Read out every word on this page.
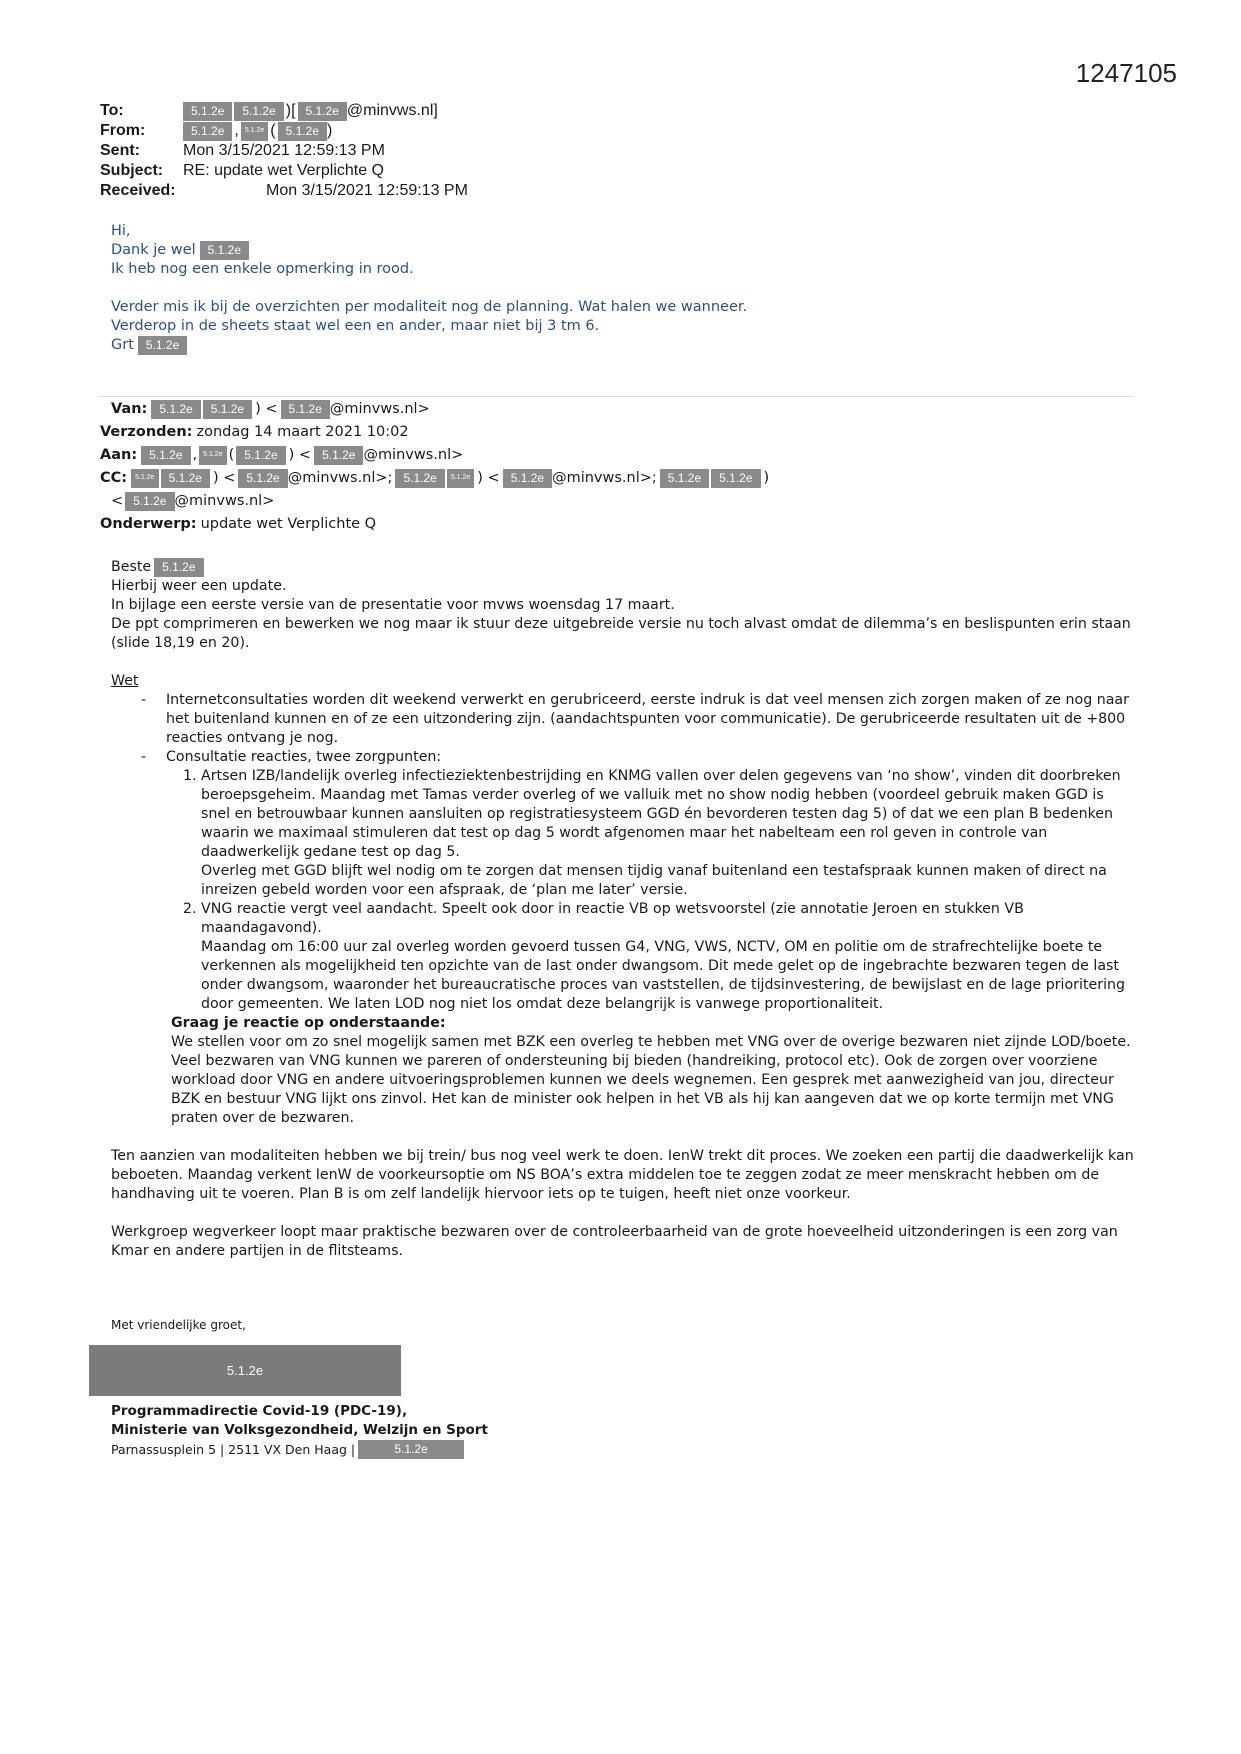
1247105
To:	5.1.2e	5.1.2e )[ 5.1.2e @minvws.nl]
From:	5.1.2e , 5.1.2e ( 5.1.2e )
Sent:	Mon 3/15/2021 12:59:13 PM
Subject:	RE: update wet Verplichte Q
Received:	Mon 3/15/2021 12:59:13 PM
Hi,
Dank je wel	5.1.2e
Ik heb nog een enkele opmerking in rood.
Verder mis ik bij de overzichten per modaliteit nog de planning. Wat halen we wanneer.
Verderop in de sheets staat wel een en ander, maar niet bij 3 tm 6.
Grt	5.1.2e
Van:	5.1.2e	5.1.2e ) < 5.1.2e @minvws.nl>
Verzonden: zondag 14 maart 2021 10:02
Aan:	5.1.2e , 5.1.2e ( 5.1.2e ) < 5.1.2e @minvws.nl>
CC:	5.1.2e	5.1.2e ) < 5.1.2e @minvws.nl>; 5.1.2e	5.1.2e ) < 5.1.2e @minvws.nl>; 5.1.2e	5.1.2e )
< 5.1.2e @minvws.nl>
Onderwerp: update wet Verplichte Q

Beste 5.1.2e

Hierbij weer een update.

In bijlage een eerste versie van de presentatie voor mvws woensdag 17 maart.

De ppt comprimeren en bewerken we nog maar ik stuur deze uitgebreide versie nu toch alvast omdat de dilemma’s en beslispunten erin staan (slide 18,19 en 20).

Wet

- Internetconsultaties worden dit weekend verwerkt en gerubriceerd, eerste indruk is dat veel mensen zich zorgen maken of ze nog naar het buitenland kunnen en of ze een uitzondering zijn. (aandachtspunten voor communicatie). De gerubriceerde resultaten uit de +800 reacties ontvang je nog.
- Consultatie reacties, twee zorgpunten:

1. Artsen IZB/landelijk overleg infectieziektenbestrijding en KNMG vallen over delen gegevens van ‘no show’, vinden dit doorbreken beroepsgeheim. Maandag met Tamas verder overleg of we valluik met no show nodig hebben (voordeel gebruik maken GGD is snel en betrouwbaar kunnen aansluiten op registratiesysteem GGD én bevorderen testen dag 5) of dat we een plan B bedenken waarin we maximaal stimuleren dat test op dag 5 wordt afgenomen maar het nabelteam een rol geven in controle van daadwerkelijk gedane test op dag 5.

Overleg met GGD blijft wel nodig om te zorgen dat mensen tijdig vanaf buitenland een testafspraak kunnen maken of direct na inreizen gebeld worden voor een afspraak, de ‘plan me later’ versie.

2. VNG reactie vergt veel aandacht. Speelt ook door in reactie VB op wetsvoorstel (zie annotatie Jeroen en stukken VB maandagavond).

Maandag om 16:00 uur zal overleg worden gevoerd tussen G4, VNG, VWS, NCTV, OM en politie om de strafrechtelijke boete te verkennen als mogelijkheid ten opzichte van de last onder dwangsom. Dit mede gelet op de ingebrachte bezwaren tegen de last onder dwangsom, waaronder het bureaucratische proces van vaststellen, de tijdsinvestering, de bewijslast en de lage prioritering door gemeenten. We laten LOD nog niet los omdat deze belangrijk is vanwege proportionaliteit.

Graag je reactie op onderstaande:

We stellen voor om zo snel mogelijk samen met BZK een overleg te hebben met VNG over de overige bezwaren niet zijnde LOD/boete. Veel bezwaren van VNG kunnen we pareren of ondersteuning bij bieden (handreiking, protocol etc). Ook de zorgen over voorziene workload door VNG en andere uitvoeringsproblemen kunnen we deels wegnemen. Een gesprek met aanwezigheid van jou, directeur BZK en bestuur VNG lijkt ons zinvol. Het kan de minister ook helpen in het VB als hij kan aangeven dat we op korte termijn met VNG praten over de bezwaren.

Ten aanzien van modaliteiten hebben we bij trein/ bus nog veel werk te doen. IenW trekt dit proces. We zoeken een partij die daadwerkelijk kan beboeten. Maandag verkent IenW de voorkeursoptie om NS BOA’s extra middelen toe te zeggen zodat ze meer menskracht hebben om de handhaving uit te voeren. Plan B is om zelf landelijk hiervoor iets op te tuigen, heeft niet onze voorkeur.

Werkgroep wegverkeer loopt maar praktische bezwaren over de controleerbaarheid van de grote hoeveelheid uitzonderingen is een zorg van Kmar en andere partijen in de flitsteams.

Met vriendelijke groet,
5.1.2e
Programmadirectie Covid-19 (PDC-19),
Ministerie van Volksgezondheid, Welzijn en Sport
Parnassusplein 5 | 2511 VX Den Haag |	5.1.2e
